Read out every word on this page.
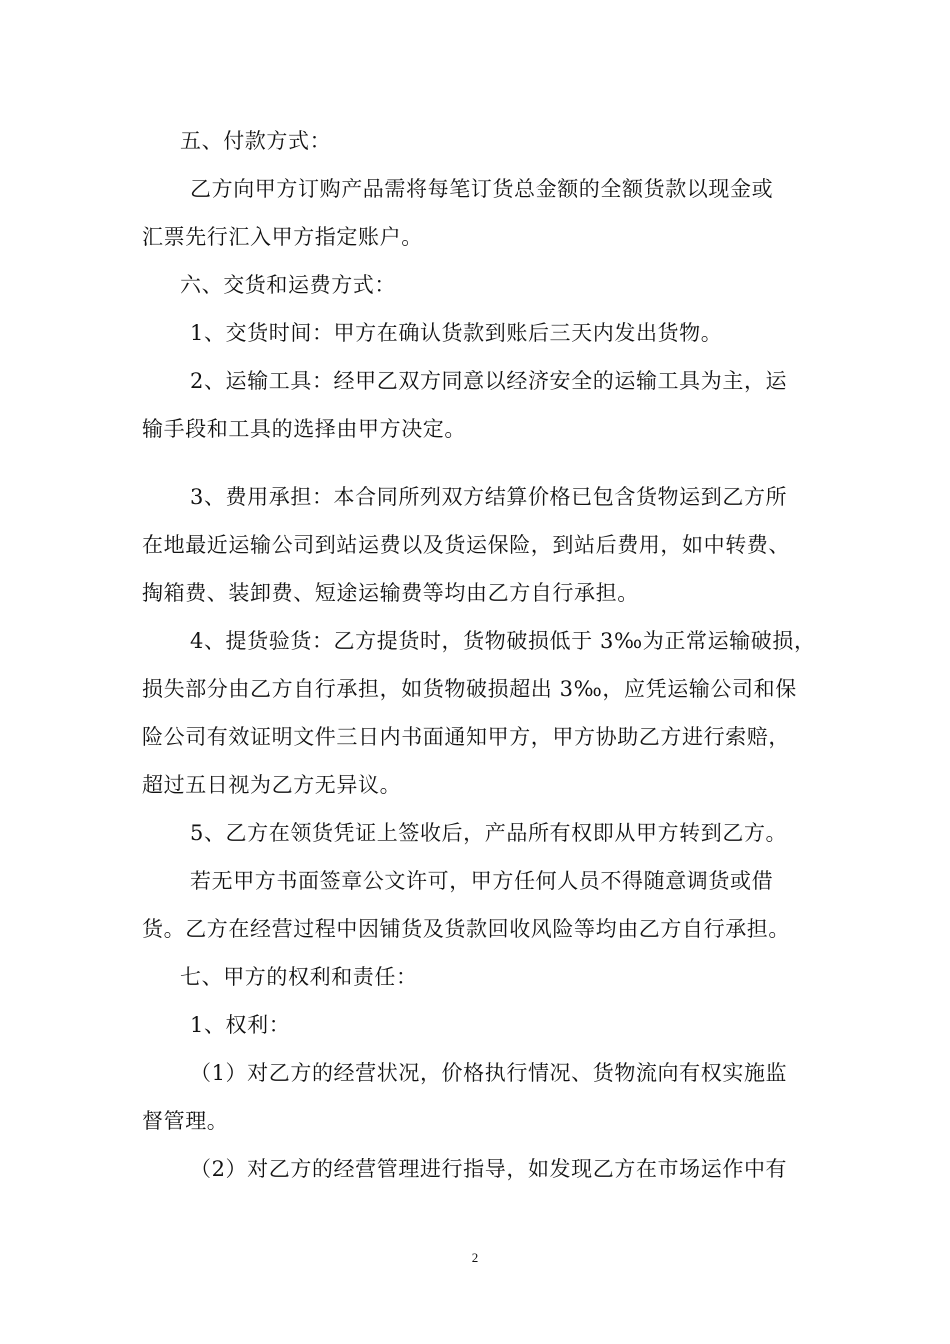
五、付款方式：
乙方向甲方订购产品需将每笔订货总金额的全额货款以现金或
汇票先行汇入甲方指定账户。
六、交货和运费方式：
1、交货时间：甲方在确认货款到账后三天内发出货物。
2、运输工具：经甲乙双方同意以经济安全的运输工具为主，运
输手段和工具的选择由甲方决定。
3、费用承担：本合同所列双方结算价格已包含货物运到乙方所
在地最近运输公司到站运费以及货运保险，到站后费用，如中转费、
掏箱费、装卸费、短途运输费等均由乙方自行承担。
4、提货验货：乙方提货时，货物破损低于 3‰为正常运输破损，
损失部分由乙方自行承担，如货物破损超出 3‰，应凭运输公司和保
险公司有效证明文件三日内书面通知甲方，甲方协助乙方进行索赔，
超过五日视为乙方无异议。
5、乙方在领货凭证上签收后，产品所有权即从甲方转到乙方。
若无甲方书面签章公文许可，甲方任何人员不得随意调货或借
货。乙方在经营过程中因铺货及货款回收风险等均由乙方自行承担。
七、甲方的权利和责任：
1、权利：
（1）对乙方的经营状况，价格执行情况、货物流向有权实施监
督管理。
（2）对乙方的经营管理进行指导，如发现乙方在市场运作中有
2
